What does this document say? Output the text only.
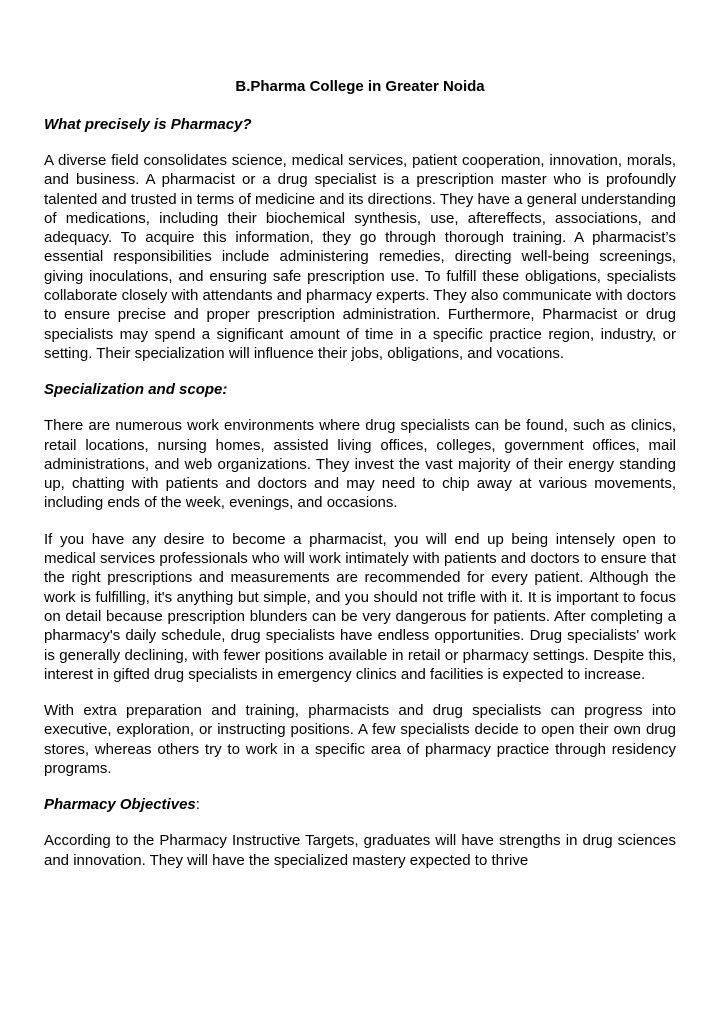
B.Pharma College in Greater Noida
What precisely is Pharmacy?

A diverse field consolidates science, medical services, patient cooperation, innovation, morals, and business. A pharmacist or a drug specialist is a prescription master who is profoundly talented and trusted in terms of medicine and its directions. They have a general understanding of medications, including their biochemical synthesis, use, aftereffects, associations, and adequacy. To acquire this information, they go through thorough training. A pharmacist’s essential responsibilities include administering remedies, directing well-being screenings, giving inoculations, and ensuring safe prescription use. To fulfill these obligations, specialists collaborate closely with attendants and pharmacy experts. They also communicate with doctors to ensure precise and proper prescription administration. Furthermore, Pharmacist or drug specialists may spend a significant amount of time in a specific practice region, industry, or setting. Their specialization will influence their jobs, obligations, and vocations.

Specialization and scope:

There are numerous work environments where drug specialists can be found, such as clinics, retail locations, nursing homes, assisted living offices, colleges, government offices, mail administrations, and web organizations. They invest the vast majority of their energy standing up, chatting with patients and doctors and may need to chip away at various movements, including ends of the week, evenings, and occasions.

If you have any desire to become a pharmacist, you will end up being intensely open to medical services professionals who will work intimately with patients and doctors to ensure that the right prescriptions and measurements are recommended for every patient. Although the work is fulfilling, it's anything but simple, and you should not trifle with it. It is important to focus on detail because prescription blunders can be very dangerous for patients. After completing a pharmacy's daily schedule, drug specialists have endless opportunities. Drug specialists' work is generally declining, with fewer positions available in retail or pharmacy settings. Despite this, interest in gifted drug specialists in emergency clinics and facilities is expected to increase.

With extra preparation and training, pharmacists and drug specialists can progress into executive, exploration, or instructing positions. A few specialists decide to open their own drug stores, whereas others try to work in a specific area of pharmacy practice through residency programs.

Pharmacy Objectives:

According to the Pharmacy Instructive Targets, graduates will have strengths in drug sciences and innovation. They will have the specialized mastery expected to thrive
